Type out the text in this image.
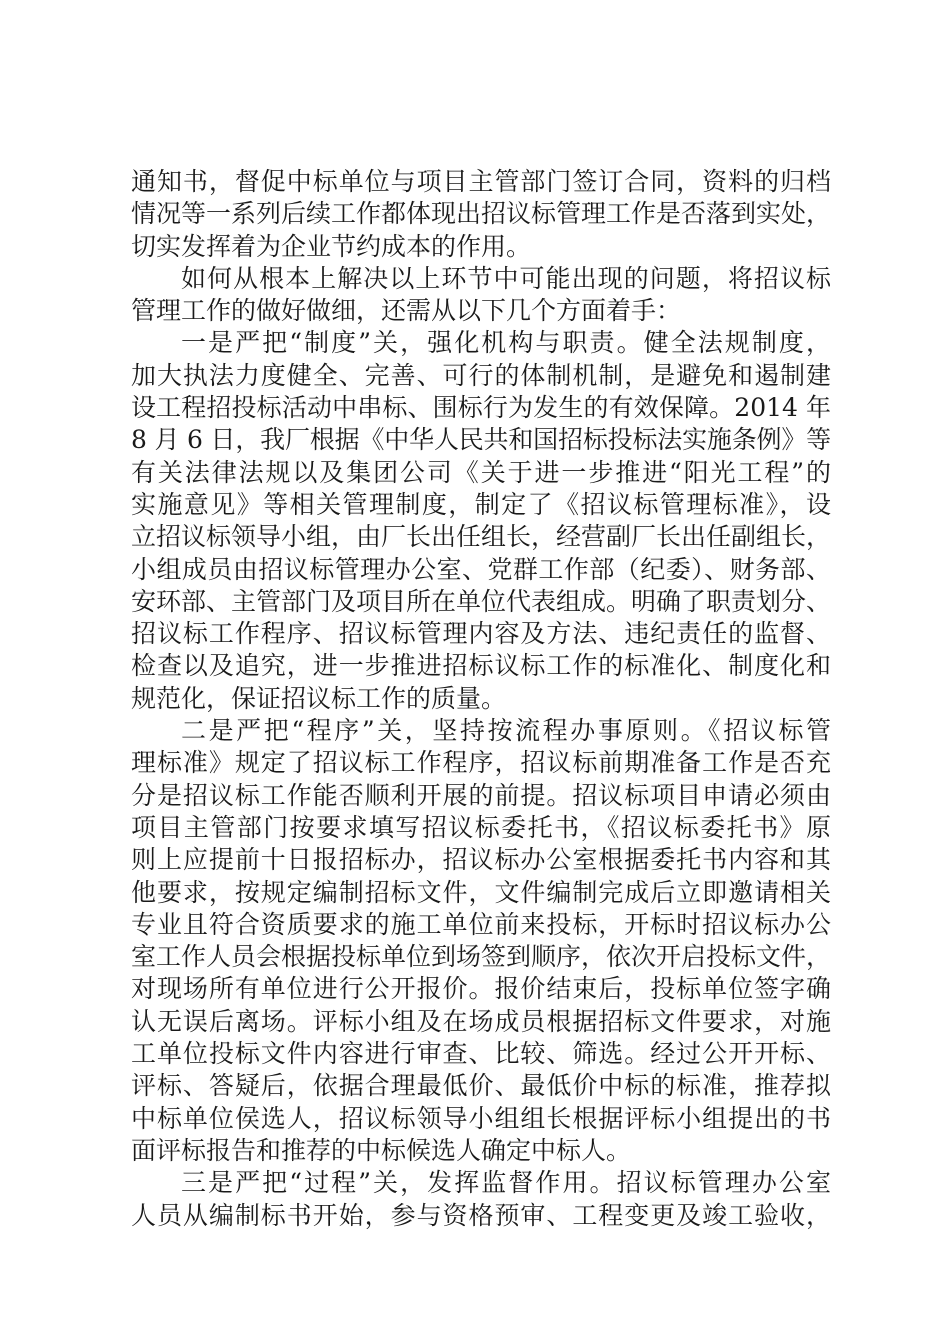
通知书，督促中标单位与项目主管部门签订合同，资料的归档
情况等一系列后续工作都体现出招议标管理工作是否落到实处，
切实发挥着为企业节约成本的作用。
如何从根本上解决以上环节中可能出现的问题，将招议标
管理工作的做好做细，还需从以下几个方面着手：
一是严把“制度”关，强化机构与职责。健全法规制度，
加大执法力度健全、完善、可行的体制机制，是避免和遏制建
设工程招投标活动中串标、围标行为发生的有效保障。2014 年
8 月 6 日，我厂根据《中华人民共和国招标投标法实施条例》等
有关法律法规以及集团公司《关于进一步推进“阳光工程”的
实施意见》等相关管理制度，制定了《招议标管理标准》，设
立招议标领导小组，由厂长出任组长，经营副厂长出任副组长，
小组成员由招议标管理办公室、党群工作部（纪委）、财务部、
安环部、主管部门及项目所在单位代表组成。明确了职责划分、
招议标工作程序、招议标管理内容及方法、违纪责任的监督、
检查以及追究，进一步推进招标议标工作的标准化、制度化和
规范化，保证招议标工作的质量。
二是严把“程序”关，坚持按流程办事原则。《招议标管
理标准》规定了招议标工作程序，招议标前期准备工作是否充
分是招议标工作能否顺利开展的前提。招议标项目申请必须由
项目主管部门按要求填写招议标委托书，《招议标委托书》原
则上应提前十日报招标办，招议标办公室根据委托书内容和其
他要求，按规定编制招标文件，文件编制完成后立即邀请相关
专业且符合资质要求的施工单位前来投标，开标时招议标办公
室工作人员会根据投标单位到场签到顺序，依次开启投标文件，
对现场所有单位进行公开报价。报价结束后，投标单位签字确
认无误后离场。评标小组及在场成员根据招标文件要求，对施
工单位投标文件内容进行审查、比较、筛选。经过公开开标、
评标、答疑后，依据合理最低价、最低价中标的标准，推荐拟
中标单位侯选人，招议标领导小组组长根据评标小组提出的书
面评标报告和推荐的中标候选人确定中标人。
三是严把“过程”关，发挥监督作用。招议标管理办公室
人员从编制标书开始，参与资格预审、工程变更及竣工验收，
